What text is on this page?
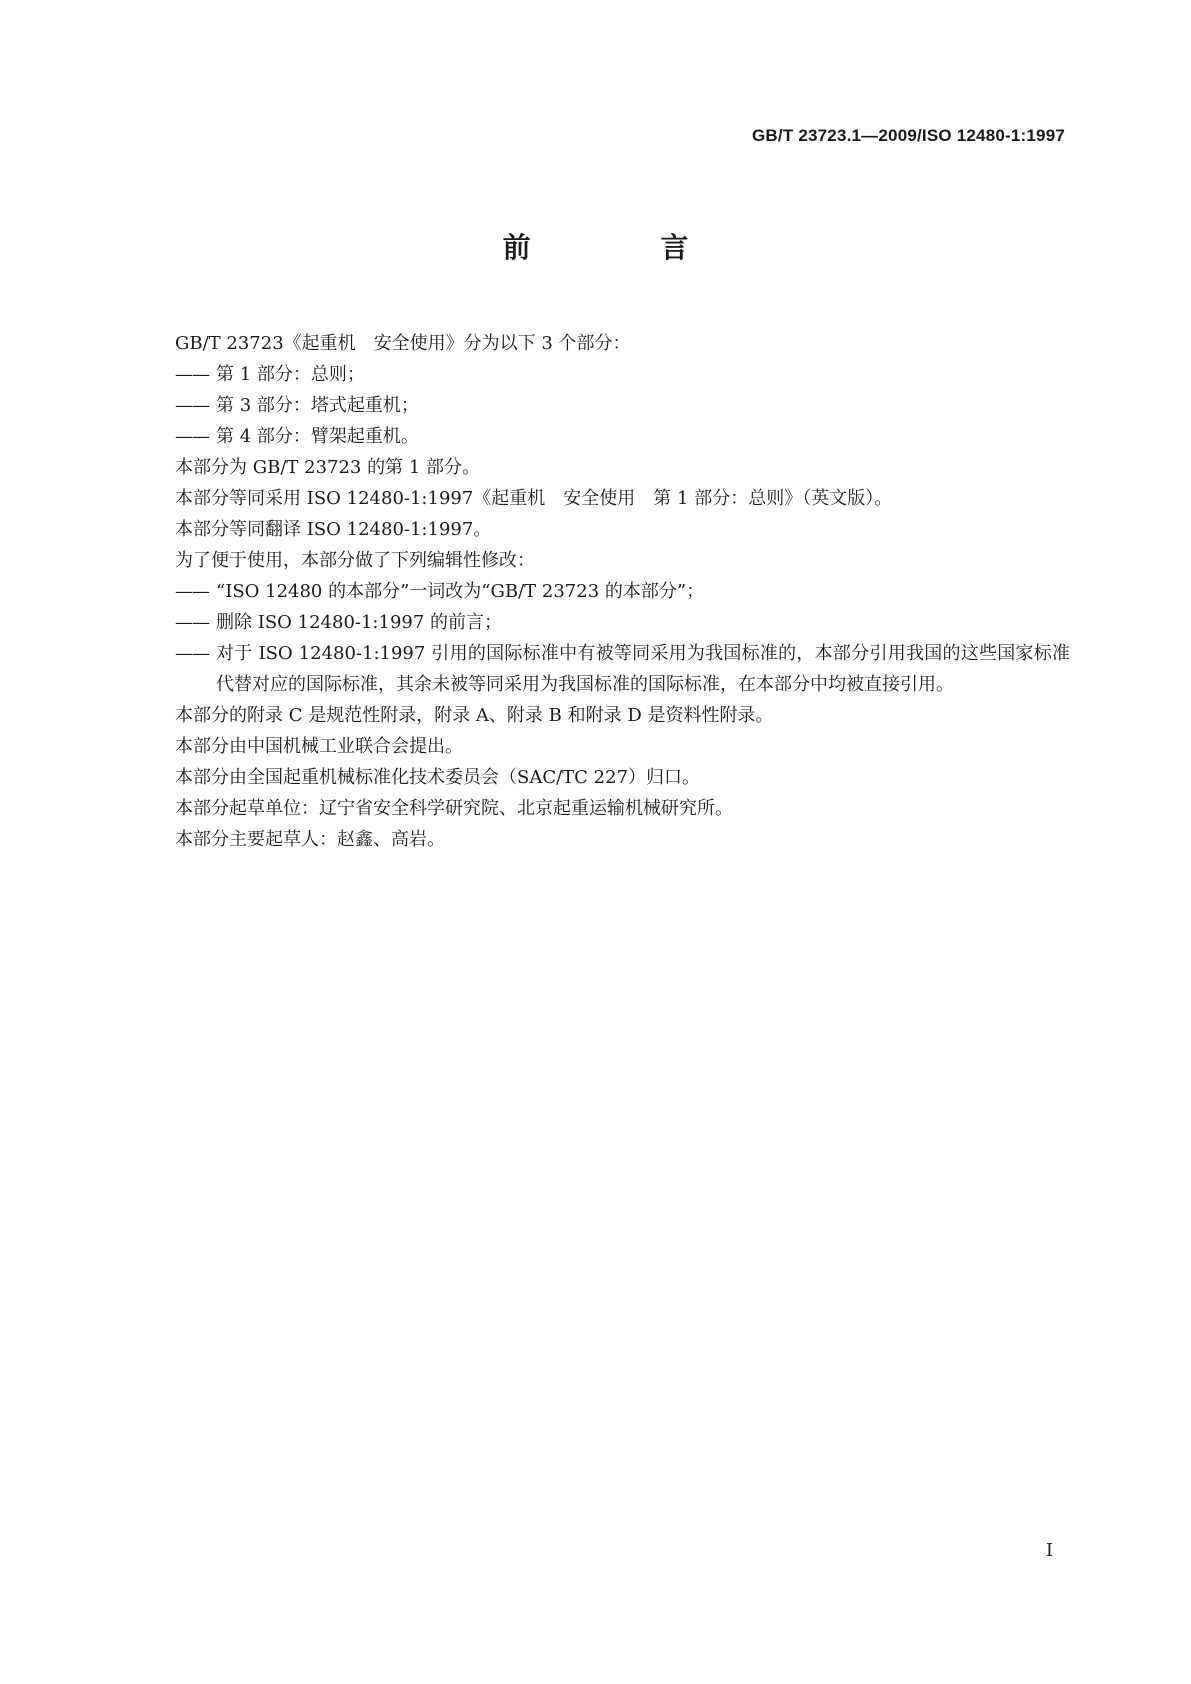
GB/T 23723.1—2009/ISO 12480-1:1997
前 言
GB/T 23723《起重机　安全使用》分为以下 3 个部分：
—— 第 1 部分：总则；
—— 第 3 部分：塔式起重机；
—— 第 4 部分：臂架起重机。
本部分为 GB/T 23723 的第 1 部分。
本部分等同采用 ISO 12480-1:1997《起重机　安全使用　第 1 部分：总则》（英文版）。
本部分等同翻译 ISO 12480-1:1997。
为了便于使用，本部分做了下列编辑性修改：
—— “ISO 12480 的本部分”一词改为“GB/T 23723 的本部分”；
—— 删除 ISO 12480-1:1997 的前言；
—— 对于 ISO 12480-1:1997 引用的国际标准中有被等同采用为我国标准的，本部分引用我国的这些国家标准代替对应的国际标准，其余未被等同采用为我国标准的国际标准，在本部分中均被直接引用。
本部分的附录 C 是规范性附录，附录 A、附录 B 和附录 D 是资料性附录。
本部分由中国机械工业联合会提出。
本部分由全国起重机械标准化技术委员会（SAC/TC 227）归口。
本部分起草单位：辽宁省安全科学研究院、北京起重运输机械研究所。
本部分主要起草人：赵鑫、高岩。
I
